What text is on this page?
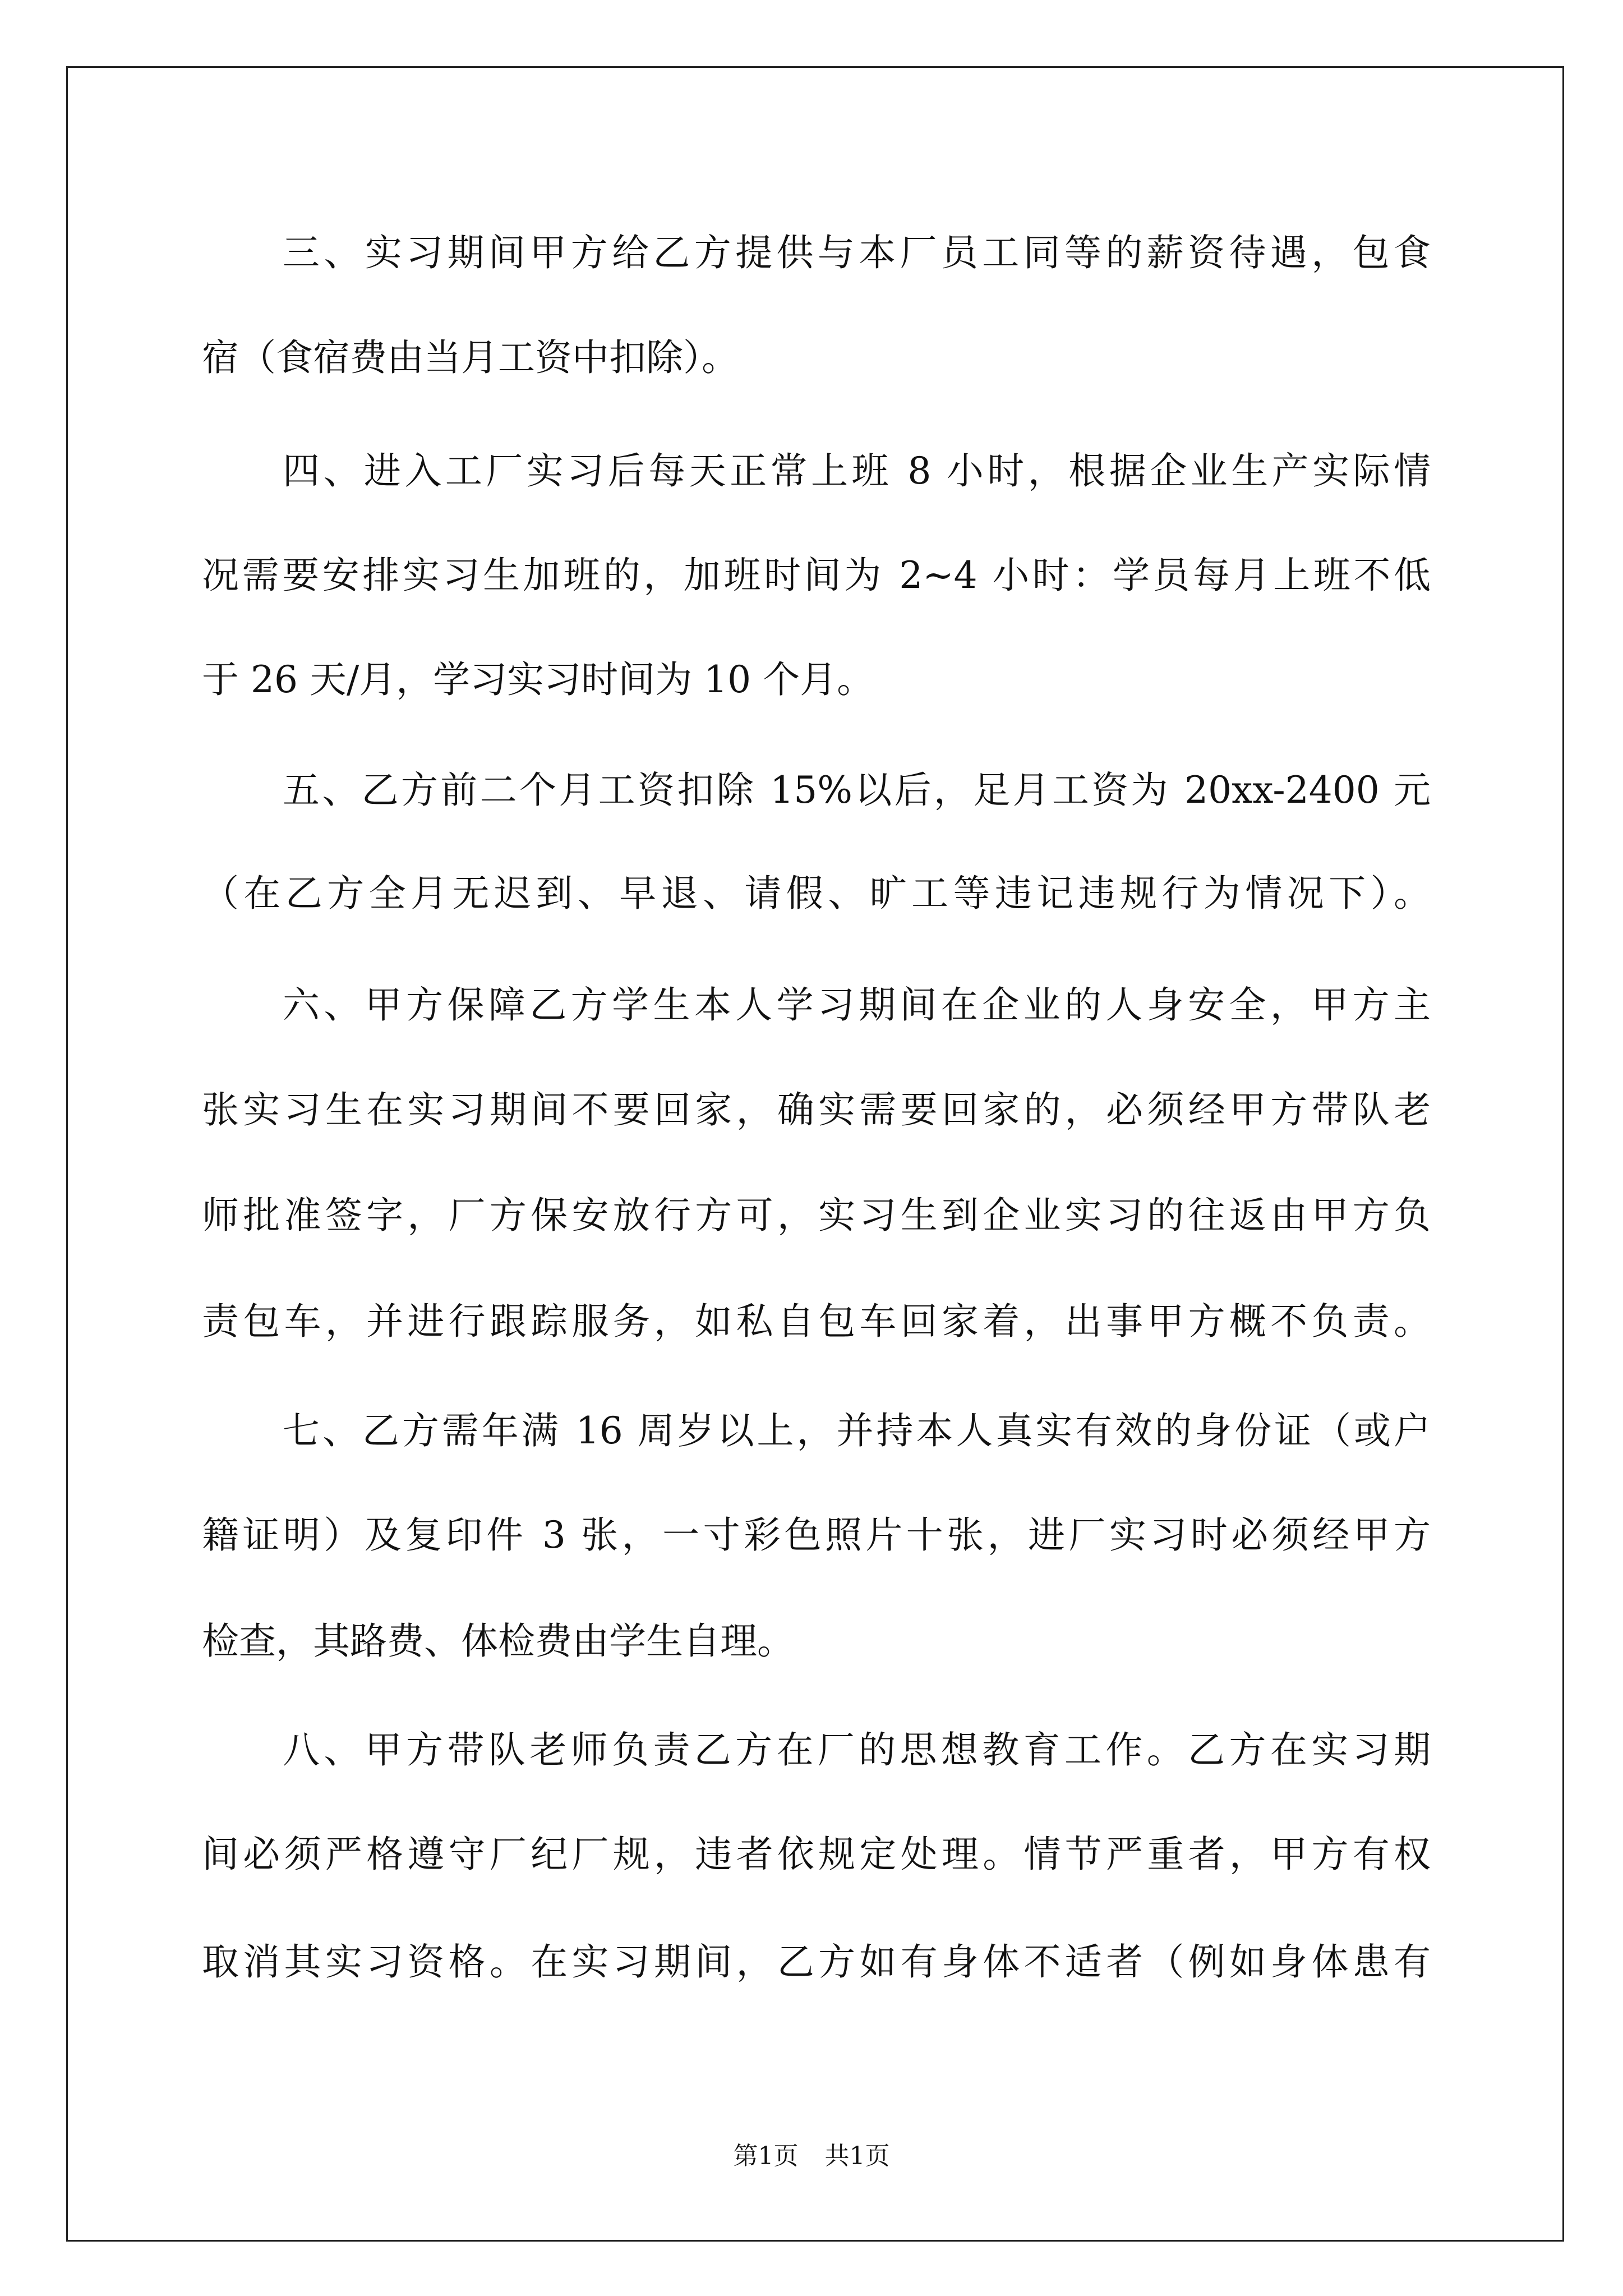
三、实习期间甲方给乙方提供与本厂员工同等的薪资待遇，包食
宿（食宿费由当月工资中扣除）。
四、进入工厂实习后每天正常上班 8 小时，根据企业生产实际情
况需要安排实习生加班的，加班时间为 2~4 小时：学员每月上班不低
于 26 天/月，学习实习时间为 10 个月。
五、乙方前二个月工资扣除 15%以后，足月工资为 20xx-2400 元
（在乙方全月无迟到、早退、请假、旷工等违记违规行为情况下）。
六、甲方保障乙方学生本人学习期间在企业的人身安全，甲方主
张实习生在实习期间不要回家，确实需要回家的，必须经甲方带队老
师批准签字，厂方保安放行方可，实习生到企业实习的往返由甲方负
责包车，并进行跟踪服务，如私自包车回家着，出事甲方概不负责。
七、乙方需年满 16 周岁以上，并持本人真实有效的身份证（或户
籍证明）及复印件 3 张，一寸彩色照片十张，进厂实习时必须经甲方
检查，其路费、体检费由学生自理。
八、甲方带队老师负责乙方在厂的思想教育工作。乙方在实习期
间必须严格遵守厂纪厂规，违者依规定处理。情节严重者，甲方有权
取消其实习资格。在实习期间，乙方如有身体不适者（例如身体患有
第1页 共1页
